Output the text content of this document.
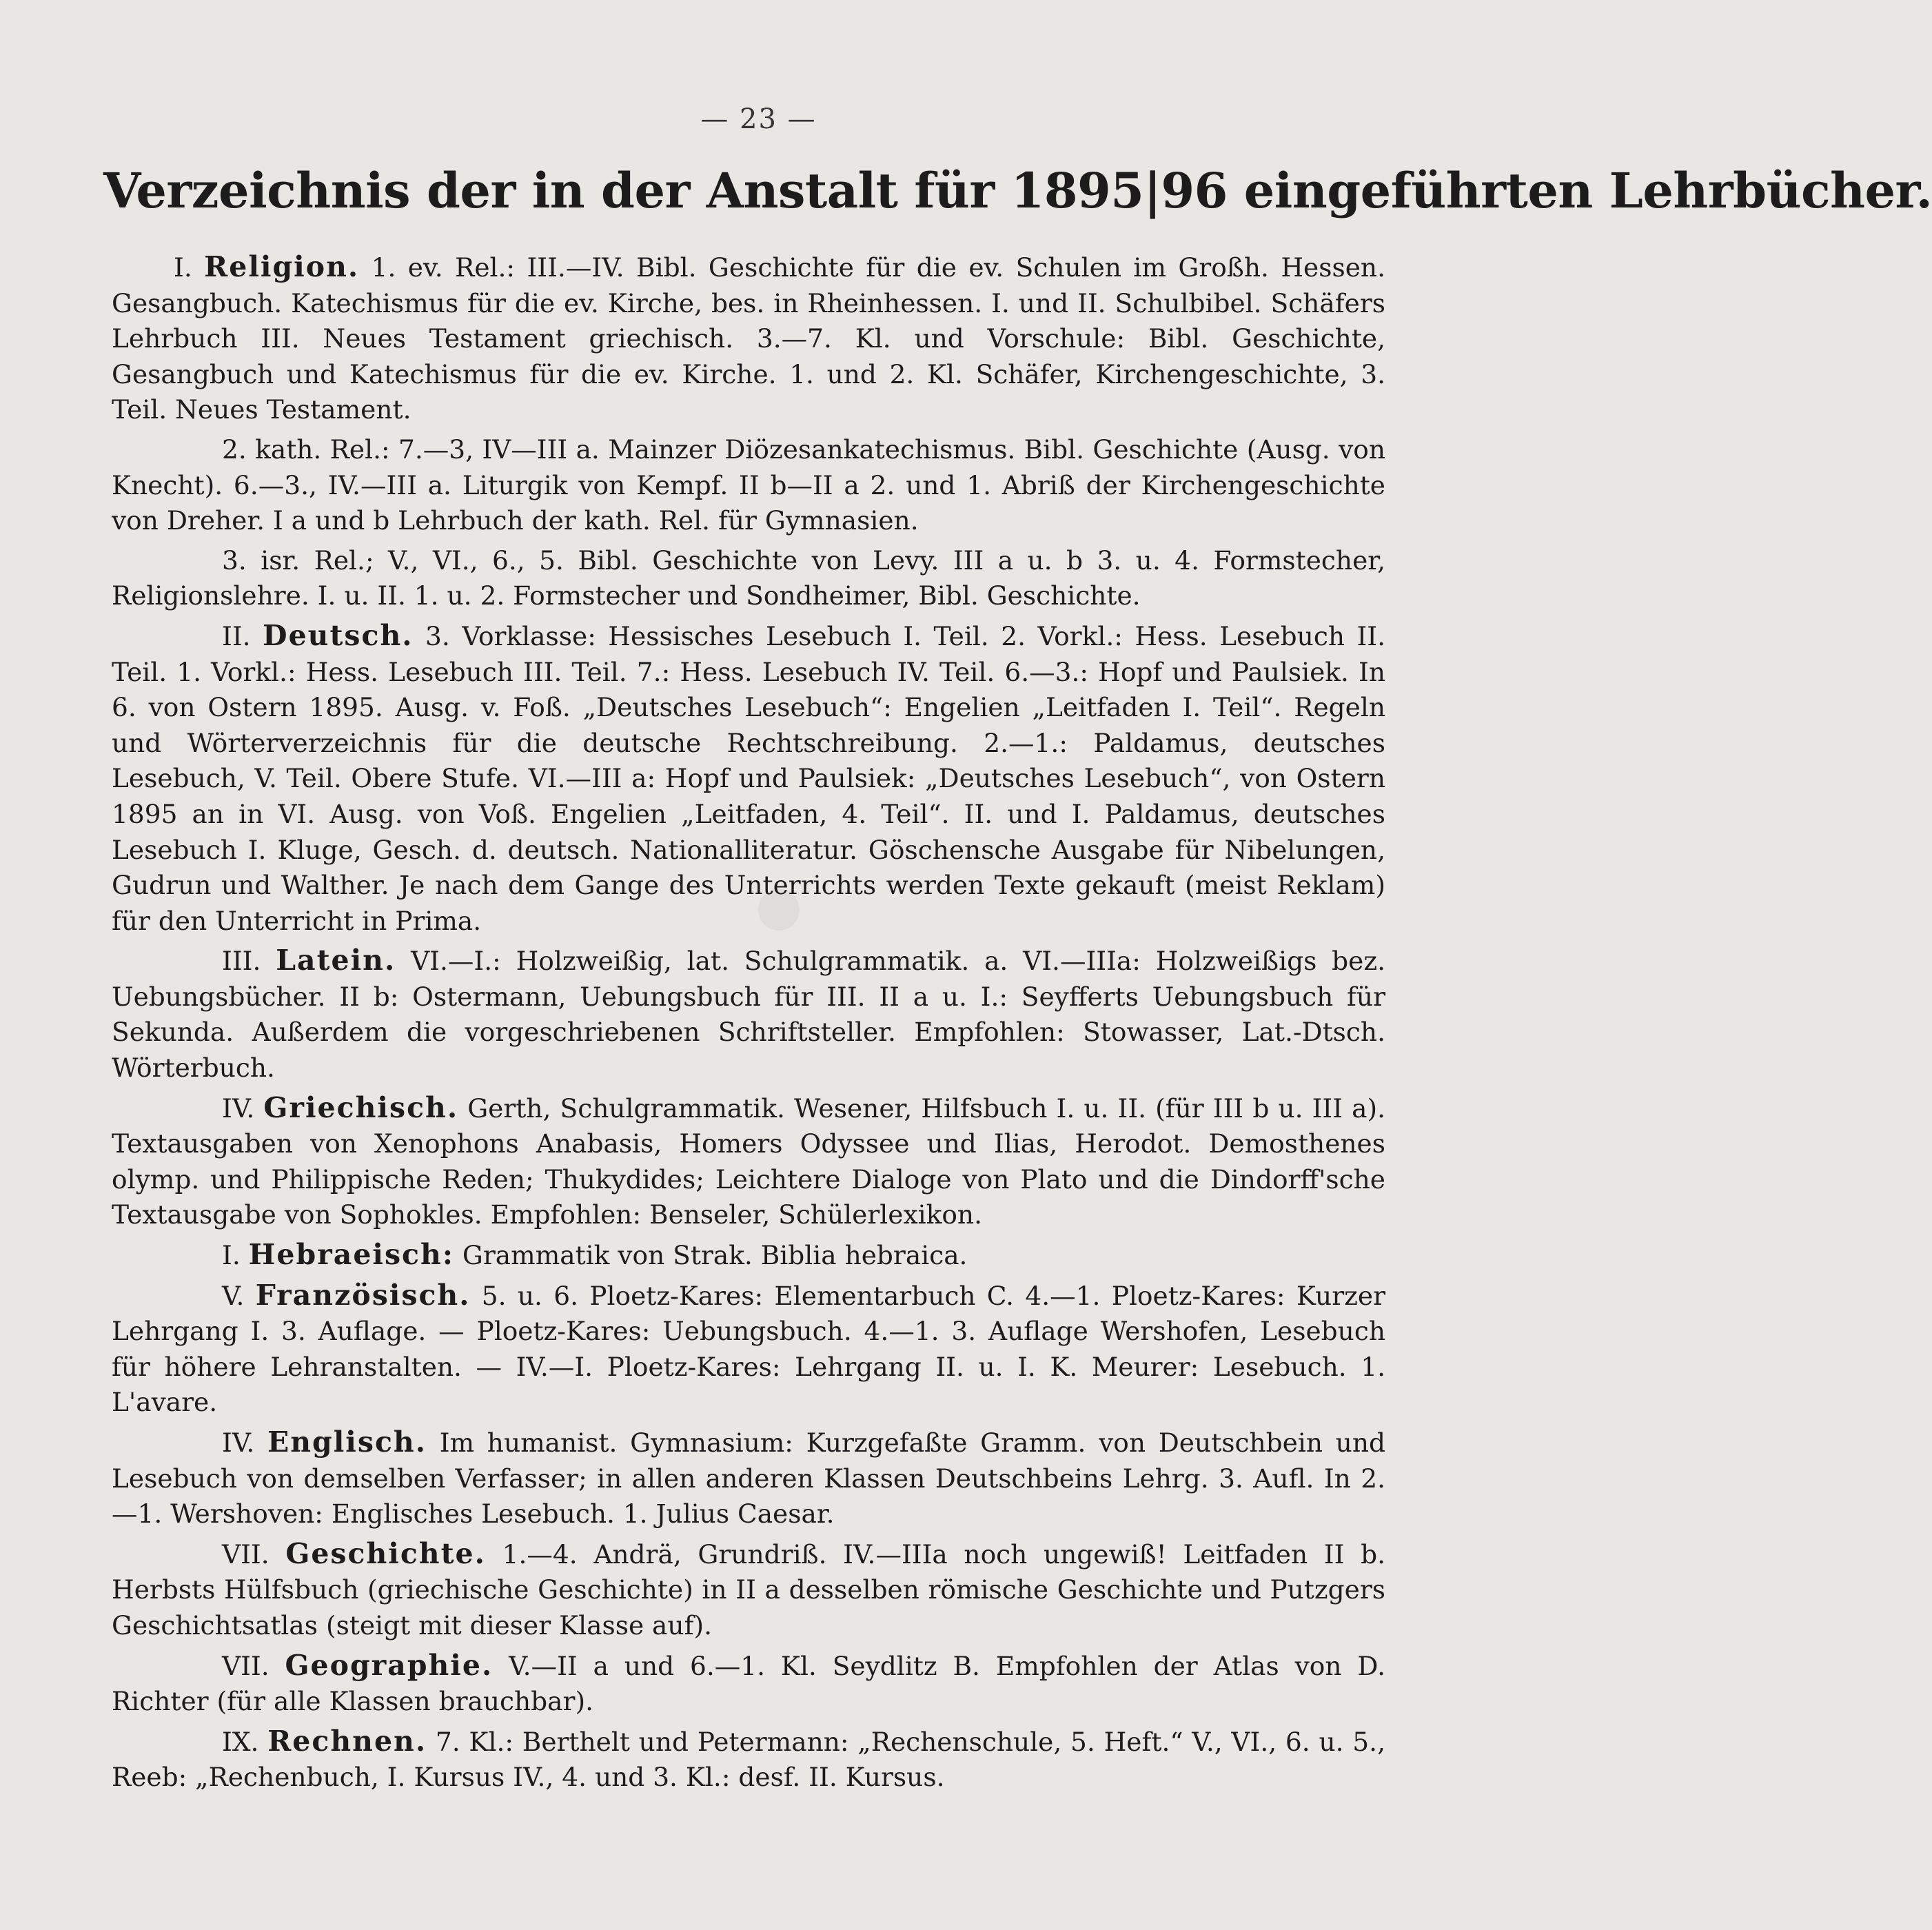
— 23 —
Verzeichnis der in der Anstalt für 1895|96 eingeführten Lehrbücher.

I. Religion. 1. ev. Rel.: III.—IV. Bibl. Geschichte für die ev. Schulen im Großh. Hessen. Gesangbuch. Katechismus für die ev. Kirche, bes. in Rheinhessen. I. und II. Schulbibel. Schäfers Lehrbuch III. Neues Testament griechisch. 3.—7. Kl. und Vorschule: Bibl. Geschichte, Gesangbuch und Katechismus für die ev. Kirche. 1. und 2. Kl. Schäfer, Kirchengeschichte, 3. Teil. Neues Testament.

2. kath. Rel.: 7.—3, IV—III a. Mainzer Diözesankatechismus. Bibl. Geschichte (Ausg. von Knecht). 6.—3., IV.—III a. Liturgik von Kempf. II b—II a 2. und 1. Abriß der Kirchengeschichte von Dreher. I a und b Lehrbuch der kath. Rel. für Gymnasien.

3. isr. Rel.; V., VI., 6., 5. Bibl. Geschichte von Levy. III a u. b 3. u. 4. Formstecher, Religionslehre. I. u. II. 1. u. 2. Formstecher und Sondheimer, Bibl. Geschichte.

II. Deutsch. 3. Vorklasse: Hessisches Lesebuch I. Teil. 2. Vorkl.: Hess. Lesebuch II. Teil. 1. Vorkl.: Hess. Lesebuch III. Teil. 7.: Hess. Lesebuch IV. Teil. 6.—3.: Hopf und Paulsiek. In 6. von Ostern 1895. Ausg. v. Foß. „Deutsches Lesebuch“: Engelien „Leitfaden I. Teil“. Regeln und Wörterverzeichnis für die deutsche Rechtschreibung. 2.—1.: Paldamus, deutsches Lesebuch, V. Teil. Obere Stufe. VI.—III a: Hopf und Paulsiek: „Deutsches Lesebuch“, von Ostern 1895 an in VI. Ausg. von Voß. Engelien „Leitfaden, 4. Teil“. II. und I. Paldamus, deutsches Lesebuch I. Kluge, Gesch. d. deutsch. Nationalliteratur. Göschensche Ausgabe für Nibelungen, Gudrun und Walther. Je nach dem Gange des Unterrichts werden Texte gekauft (meist Reklam) für den Unterricht in Prima.

III. Latein. VI.—I.: Holzweißig, lat. Schulgrammatik. a. VI.—IIIa: Holzweißigs bez. Uebungsbücher. II b: Ostermann, Uebungsbuch für III. II a u. I.: Seyfferts Uebungsbuch für Sekunda. Außerdem die vorgeschriebenen Schriftsteller. Empfohlen: Stowasser, Lat.-Dtsch. Wörterbuch.

IV. Griechisch. Gerth, Schulgrammatik. Wesener, Hilfsbuch I. u. II. (für III b u. III a). Textausgaben von Xenophons Anabasis, Homers Odyssee und Ilias, Herodot. Demosthenes olymp. und Philippische Reden; Thukydides; Leichtere Dialoge von Plato und die Dindorff'sche Textausgabe von Sophokles. Empfohlen: Benseler, Schülerlexikon.

I. Hebraeisch: Grammatik von Strak. Biblia hebraica.

V. Französisch. 5. u. 6. Ploetz-Kares: Elementarbuch C. 4.—1. Ploetz-Kares: Kurzer Lehrgang I. 3. Auflage. — Ploetz-Kares: Uebungsbuch. 4.—1. 3. Auflage Wershofen, Lesebuch für höhere Lehranstalten. — IV.—I. Ploetz-Kares: Lehrgang II. u. I. K. Meurer: Lesebuch. 1. L'avare.

IV. Englisch. Im humanist. Gymnasium: Kurzgefaßte Gramm. von Deutschbein und Lesebuch von demselben Verfasser; in allen anderen Klassen Deutschbeins Lehrg. 3. Aufl. In 2.—1. Wershoven: Englisches Lesebuch. 1. Julius Caesar.

VII. Geschichte. 1.—4. Andrä, Grundriß. IV.—IIIa noch ungewiß! Leitfaden II b. Herbsts Hülfsbuch (griechische Geschichte) in II a desselben römische Geschichte und Putzgers Geschichtsatlas (steigt mit dieser Klasse auf).

VII. Geographie. V.—II a und 6.—1. Kl. Seydlitz B. Empfohlen der Atlas von D. Richter (für alle Klassen brauchbar).

IX. Rechnen. 7. Kl.: Berthelt und Petermann: „Rechenschule, 5. Heft.“ V., VI., 6. u. 5., Reeb: „Rechenbuch, I. Kursus IV., 4. und 3. Kl.: desf. II. Kursus.
